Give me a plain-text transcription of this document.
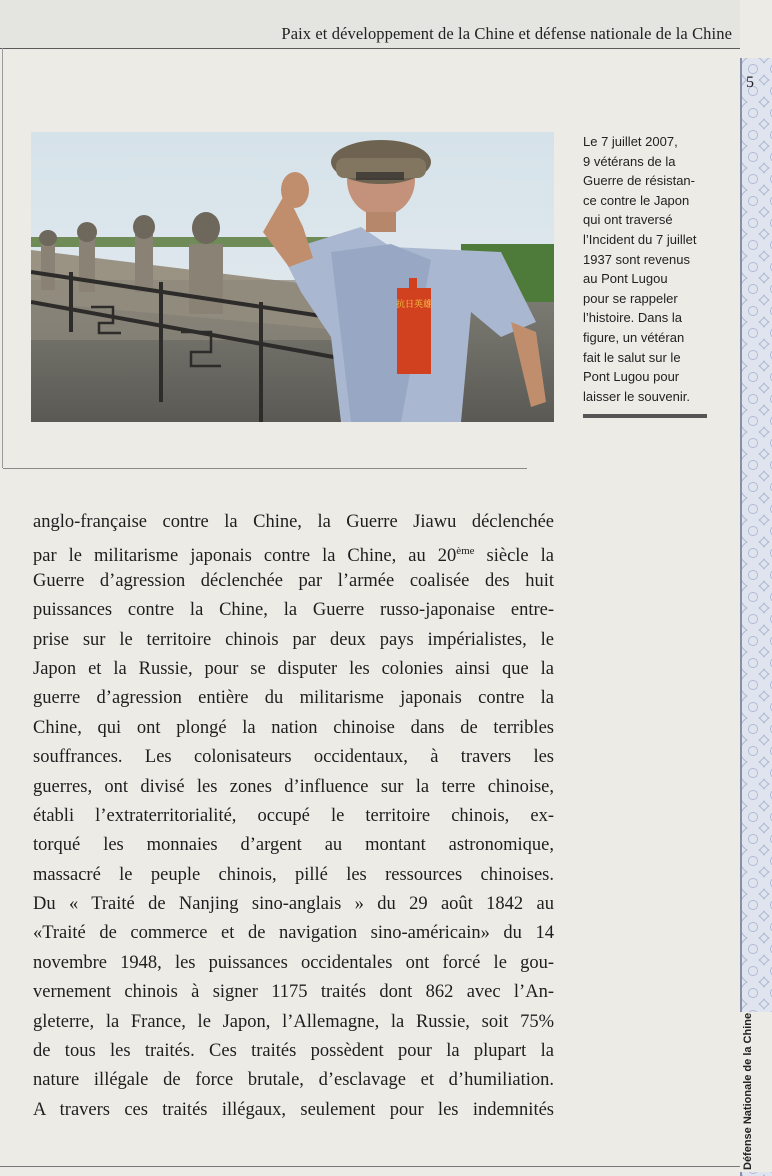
Paix et développement de la Chine et défense nationale de la Chine
5
Défense Nationale de la Chine
抗日英雄
Le 7 juillet 2007,
9 vétérans de la
Guerre de résistan-
ce contre le Japon
qui ont traversé
l’Incident du 7 juillet
1937 sont revenus
au Pont Lugou
pour se rappeler
l’histoire. Dans la
figure, un vétéran
fait le salut sur le
Pont Lugou pour
laisser le souvenir.
anglo-française contre la Chine, la Guerre Jiawu déclenchée
par le militarisme japonais contre la Chine, au 20ème siècle la
Guerre d’agression déclenchée par l’armée coalisée des huit
puissances contre la Chine, la Guerre russo-japonaise entre-
prise sur le territoire chinois par deux pays impérialistes, le
Japon et la Russie, pour se disputer les colonies ainsi que la
guerre d’agression entière du militarisme japonais contre la
Chine, qui ont plongé la nation chinoise dans de terribles
souffrances. Les colonisateurs occidentaux, à travers les
guerres, ont divisé les zones d’influence sur la terre chinoise,
établi l’extraterritorialité, occupé le territoire chinois, ex-
torqué les monnaies d’argent au montant astronomique,
massacré le peuple chinois, pillé les ressources chinoises.
Du « Traité de Nanjing sino-anglais » du 29 août 1842 au
«Traité de commerce et de navigation sino-américain» du 14
novembre 1948, les puissances occidentales ont forcé le gou-
vernement chinois à signer 1175 traités dont 862 avec l’An-
gleterre, la France, le Japon, l’Allemagne, la Russie, soit 75%
de tous les traités. Ces traités possèdent pour la plupart la
nature illégale de force brutale, d’esclavage et d’humiliation.
A travers ces traités illégaux, seulement pour les indemnités
